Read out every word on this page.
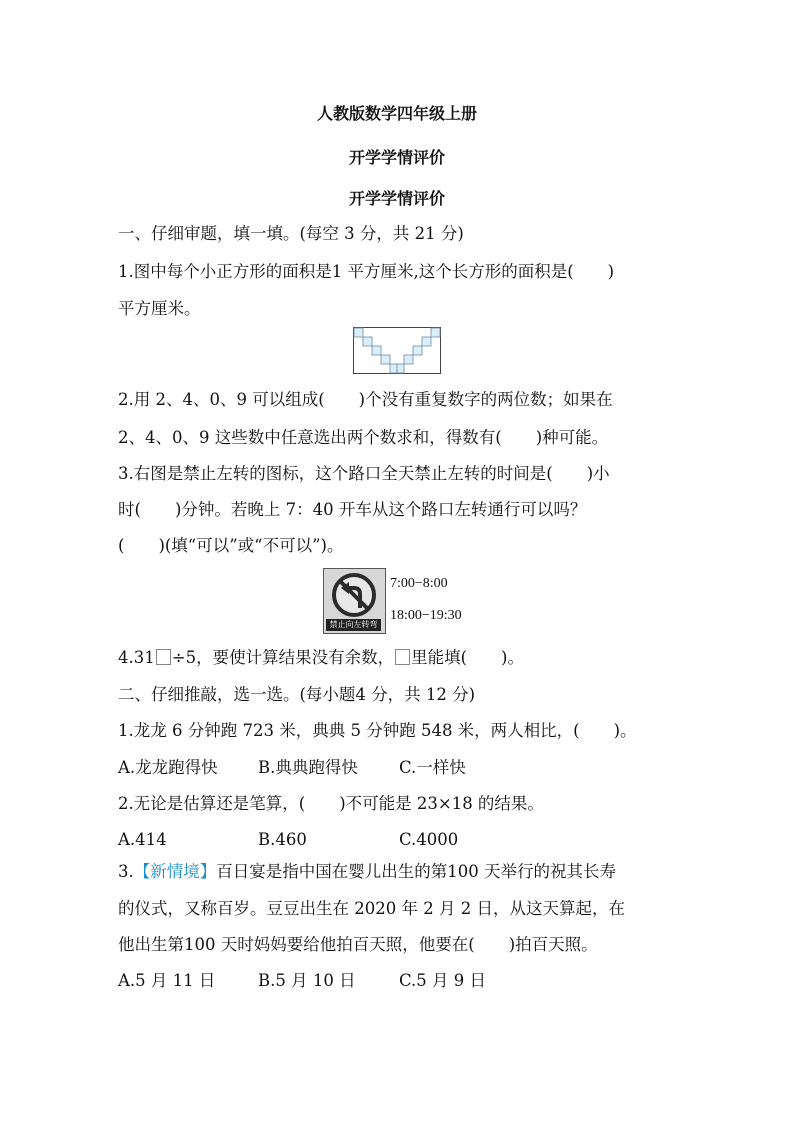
人教版数学四年级上册
开学学情评价
开学学情评价
一、仔细审题，填一填。(每空 3 分，共 21 分)
1.图中每个小正方形的面积是1 平方厘米,这个长方形的面积是( )
平方厘米。
2.用 2、4、0、9 可以组成( )个没有重复数字的两位数；如果在
2、4、0、9 这些数中任意选出两个数求和，得数有( )种可能。
3.右图是禁止左转的图标，这个路口全天禁止左转的时间是( )小
时( )分钟。若晚上 7：40 开车从这个路口左转通行可以吗？
( )(填“可以”或“不可以”)。
禁止向左转弯
7:00−8:00
18:00−19:30
4.31 ÷5，要使计算结果没有余数， 里能填( )。
二、仔细推敲，选一选。(每小题4 分，共 12 分)
1.龙龙 6 分钟跑 723 米，典典 5 分钟跑 548 米，两人相比，( )。
A.龙龙跑得快 B.典典跑得快 C.一样快
2.无论是估算还是笔算，( )不可能是 23×18 的结果。
A.414	B.460	C.4000
3.【新情境】百日宴是指中国在婴儿出生的第100 天举行的祝其长寿
的仪式，又称百岁。豆豆出生在 2020 年 2 月 2 日，从这天算起，在
他出生第100 天时妈妈要给他拍百天照，他要在( )拍百天照。
A.5 月 11 日	B.5 月 10 日	C.5 月 9 日
